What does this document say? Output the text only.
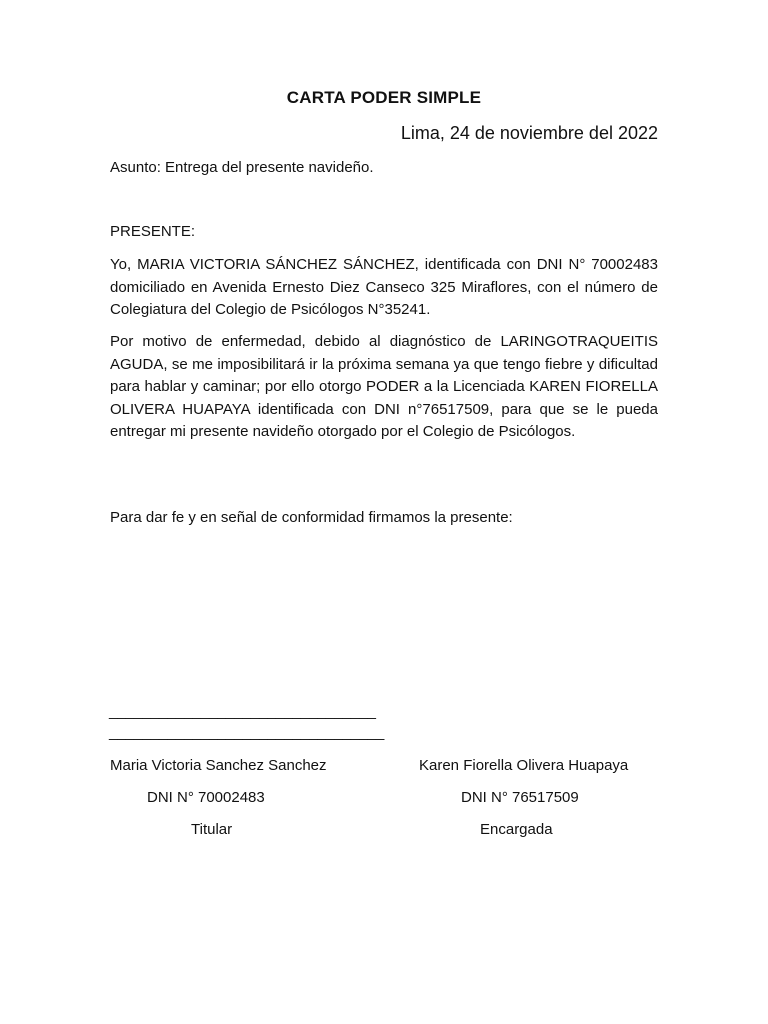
CARTA PODER SIMPLE
Lima, 24 de noviembre del 2022
Asunto: Entrega del presente navideño.
PRESENTE:

Yo, MARIA VICTORIA SÁNCHEZ SÁNCHEZ, identificada con DNI N° 70002483 domiciliado en Avenida Ernesto Diez Canseco 325 Miraflores, con el número de Colegiatura del Colegio de Psicólogos N°35241.

Por motivo de enfermedad, debido al diagnóstico de LARINGOTRAQUEITIS AGUDA, se me imposibilitará ir la próxima semana ya que tengo fiebre y dificultad para hablar y caminar; por ello otorgo PODER a la Licenciada KAREN FIORELLA OLIVERA HUAPAYA identificada con DNI n°76517509, para que se le pueda entregar mi presente navideño otorgado por el Colegio de Psicólogos.

Para dar fe y en señal de conformidad firmamos la presente:
________________________________
_________________________________
Maria Victoria Sanchez Sanchez
DNI N° 70002483
Titular
Karen Fiorella Olivera Huapaya
DNI N° 76517509
Encargada
